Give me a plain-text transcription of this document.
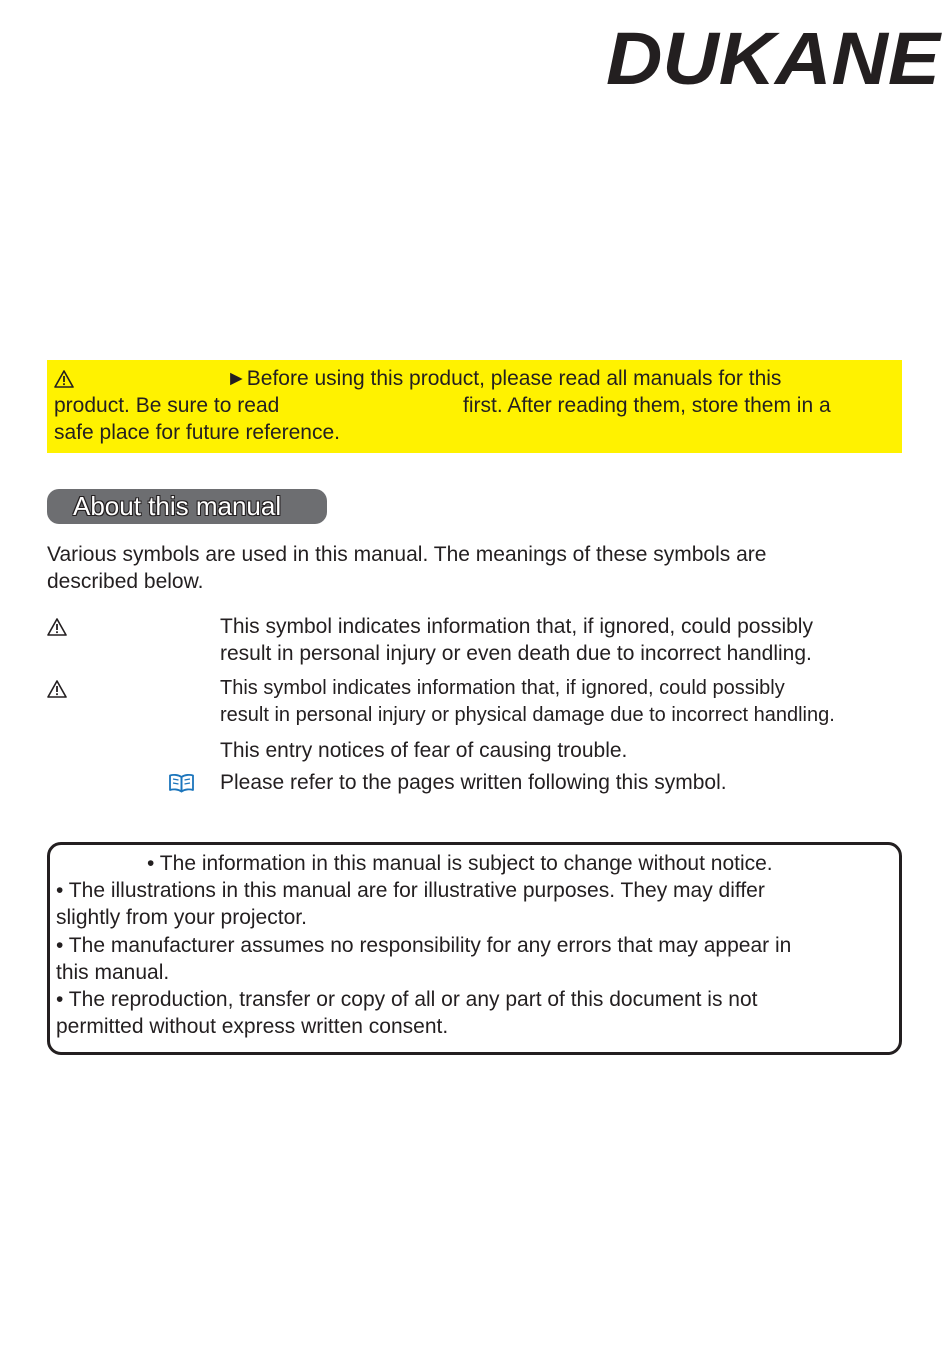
DUKANE
►Before using this product, please read all manuals for this
product. Be sure to read	first. After reading them, store them in a
safe place for future reference.
About this manual
Various symbols are used in this manual. The meanings of these symbols are
described below.
This symbol indicates information that, if ignored, could possibly
result in personal injury or even death due to incorrect handling.
This symbol indicates information that, if ignored, could possibly
result in personal injury or physical damage due to incorrect handling.
This entry notices of fear of causing trouble.
Please refer to the pages written following this symbol.
• The information in this manual is subject to change without notice.
• The illustrations in this manual are for illustrative purposes. They may differ
slightly from your projector.
• The manufacturer assumes no responsibility for any errors that may appear in
this manual.
• The reproduction, transfer or copy of all or any part of this document is not
permitted without express written consent.
